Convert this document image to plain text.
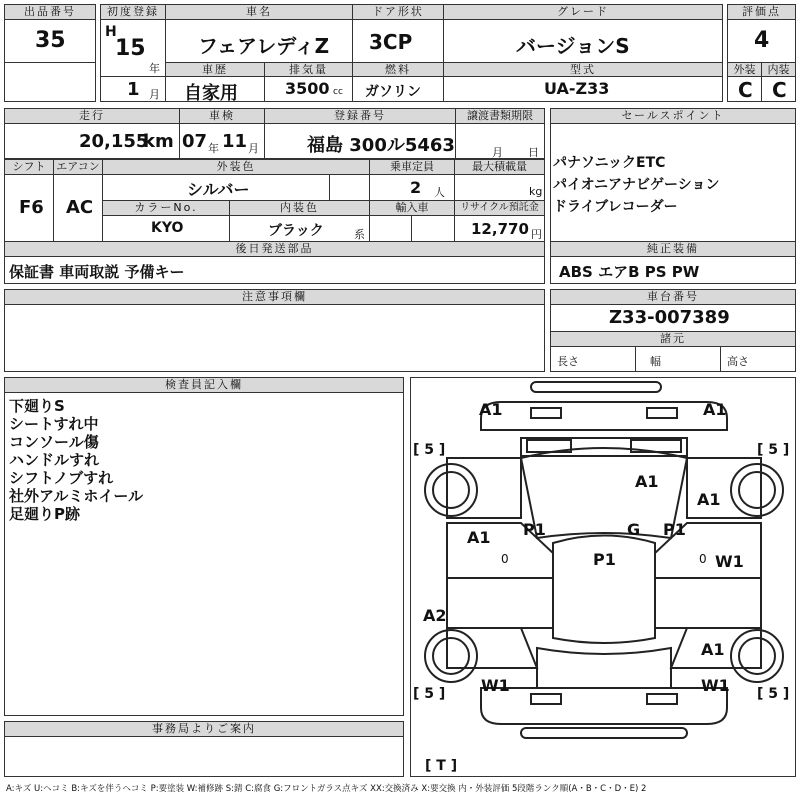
出品番号
35
初度登録
H
15
年
1 月
車名
フェアレディZ
ドア形状
3CP
グレード
バージョンS
評価点
4
車歴
自家用
排気量
3500 cc
燃料
ガソリン
型式
UA-Z33
外装
C
内装
C
走行
20,155
km
車検
07 年 11 月
登録番号
福島 300ル5463
譲渡書類期限
月 日
セールスポイント
パナソニックETC
パイオニアナビゲーション
ドライブレコーダー
シフト
F6
エアコン
AC
外装色
シルバー
乗車定員
2 人
最大積載量
kg
カラーNo.
KYO
内装色
ブラック	系
輸入車	リサイクル預託金
12,770 円
後日発送部品
保証書 車両取説 予備キー
純正装備
ABS エアB PS PW
注意事項欄	車台番号
Z33-007389
諸元
長さ	幅	高さ
検査員記入欄
下廻りS
シートすれ中
コンソール傷
ハンドルすれ
シフトノブすれ
社外アルミホイール
足廻りP跡
[ 5 ]	[ 5 ]
[ 5 ]	[ 5 ]
[ T ]
A1	A1
A1
A1
A1 P1	P1
G
P1	W1
0	0
A2
A1
W1	W1
事務局よりご案内
A:キズ U:ヘコミ B:キズを伴うヘコミ P:要塗装 W:補修跡 S:錆 C:腐食 G:フロントガラス点キズ XX:交換済み X:要交換 内・外装評価 5段階ランク順(A・B・C・D・E) 2
